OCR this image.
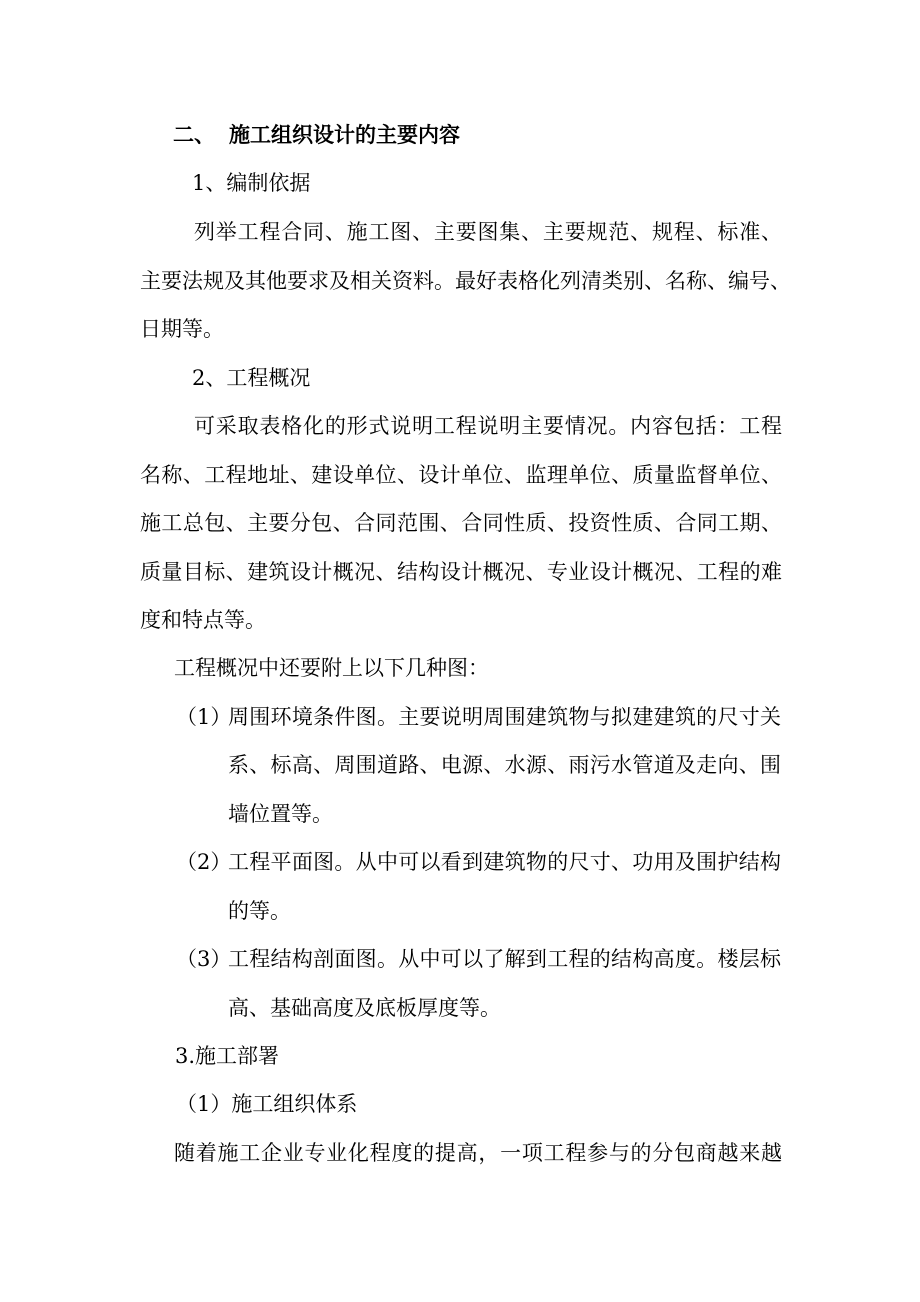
二、 施工组织设计的主要内容
1、编制依据
列举工程合同、施工图、主要图集、主要规范、规程、标准、
主要法规及其他要求及相关资料。最好表格化列清类别、名称、编号、
日期等。
2、工程概况
可采取表格化的形式说明工程说明主要情况。内容包括：工程
名称、工程地址、建设单位、设计单位、监理单位、质量监督单位、
施工总包、主要分包、合同范围、合同性质、投资性质、合同工期、
质量目标、建筑设计概况、结构设计概况、专业设计概况、工程的难
度和特点等。
工程概况中还要附上以下几种图：
（1）
周围环境条件图。主要说明周围建筑物与拟建建筑的尺寸关
系、标高、周围道路、电源、水源、雨污水管道及走向、围
墙位置等。
（2）
工程平面图。从中可以看到建筑物的尺寸、功用及围护结构
的等。
（3）
工程结构剖面图。从中可以了解到工程的结构高度。楼层标
高、基础高度及底板厚度等。
3.施工部署
（1）施工组织体系
随着施工企业专业化程度的提高，一项工程参与的分包商越来越
